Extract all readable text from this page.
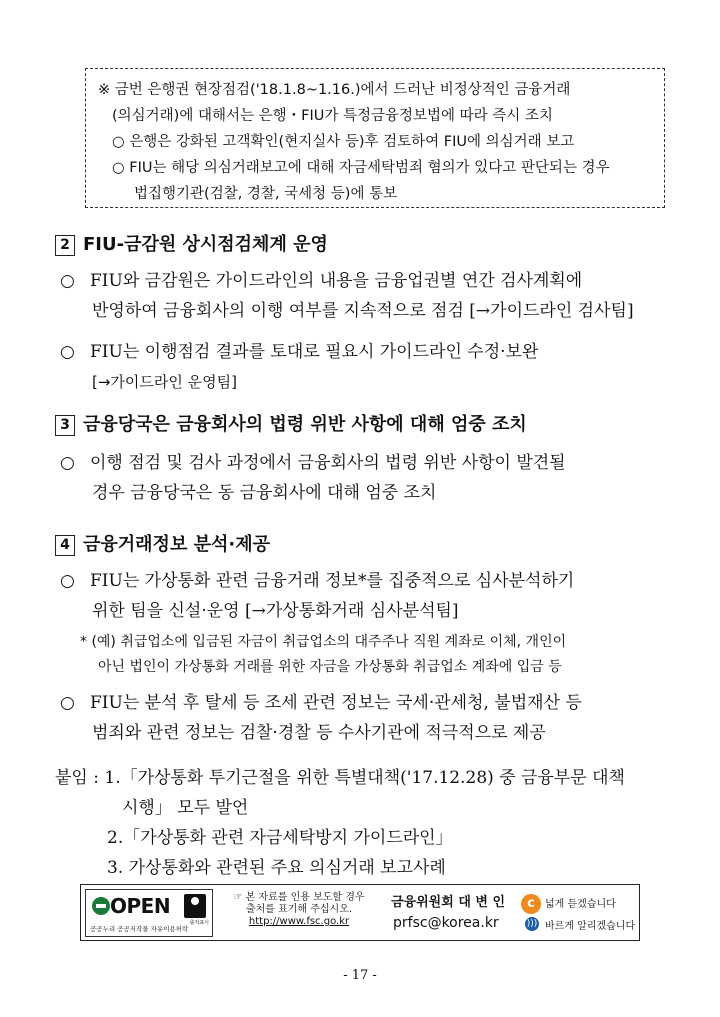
※ 금번 은행권 현장점검('18.1.8~1.16.)에서 드러난 비정상적인 금융거래
(의심거래)에 대해서는 은행・FIU가 특정금융정보법에 따라 즉시 조치
○ 은행은 강화된 고객확인(현지실사 등)후 검토하여 FIU에 의심거래 보고
○ FIU는 해당 의심거래보고에 대해 자금세탁범죄 혐의가 있다고 판단되는 경우
법집행기관(검찰, 경찰, 국세청 등)에 통보
2 FIU-금감원 상시점검체계 운영
○ FIU와 금감원은 가이드라인의 내용을 금융업권별 연간 검사계획에
반영하여 금융회사의 이행 여부를 지속적으로 점검 [→가이드라인 검사팀]
○ FIU는 이행점검 결과를 토대로 필요시 가이드라인 수정·보완
[→가이드라인 운영팀]
3 금융당국은 금융회사의 법령 위반 사항에 대해 엄중 조치
○ 이행 점검 및 검사 과정에서 금융회사의 법령 위반 사항이 발견될
경우 금융당국은 동 금융회사에 대해 엄중 조치
4 금융거래정보 분석·제공
○ FIU는 가상통화 관련 금융거래 정보*를 집중적으로 심사분석하기
위한 팀을 신설·운영 [→가상통화거래 심사분석팀]
* (예) 취급업소에 입금된 자금이 취급업소의 대주주나 직원 계좌로 이체, 개인이
아닌 법인이 가상통화 거래를 위한 자금을 가상통화 취급업소 계좌에 입금 등
○ FIU는 분석 후 탈세 등 조세 관련 정보는 국세·관세청, 불법재산 등
범죄와 관련 정보는 검찰·경찰 등 수사기관에 적극적으로 제공
붙임 : 1.「가상통화 투기근절을 위한 특별대책('17.12.28) 중 금융부문 대책
시행」 모두 발언
2.「가상통화 관련 자금세탁방지 가이드라인」
3. 가상통화와 관련된 주요 의심거래 보고사례
OPEN
출처표시
공공누리 공공저작물 자유이용허락
☞ 본 자료를 인용 보도할 경우
출처를 표기해 주십시오.
http://www.fsc.go.kr
금융위원회 대 변 인
prfsc@korea.kr
c
)))
넓게 듣겠습니다
바르게 알리겠습니다
- 17 -
